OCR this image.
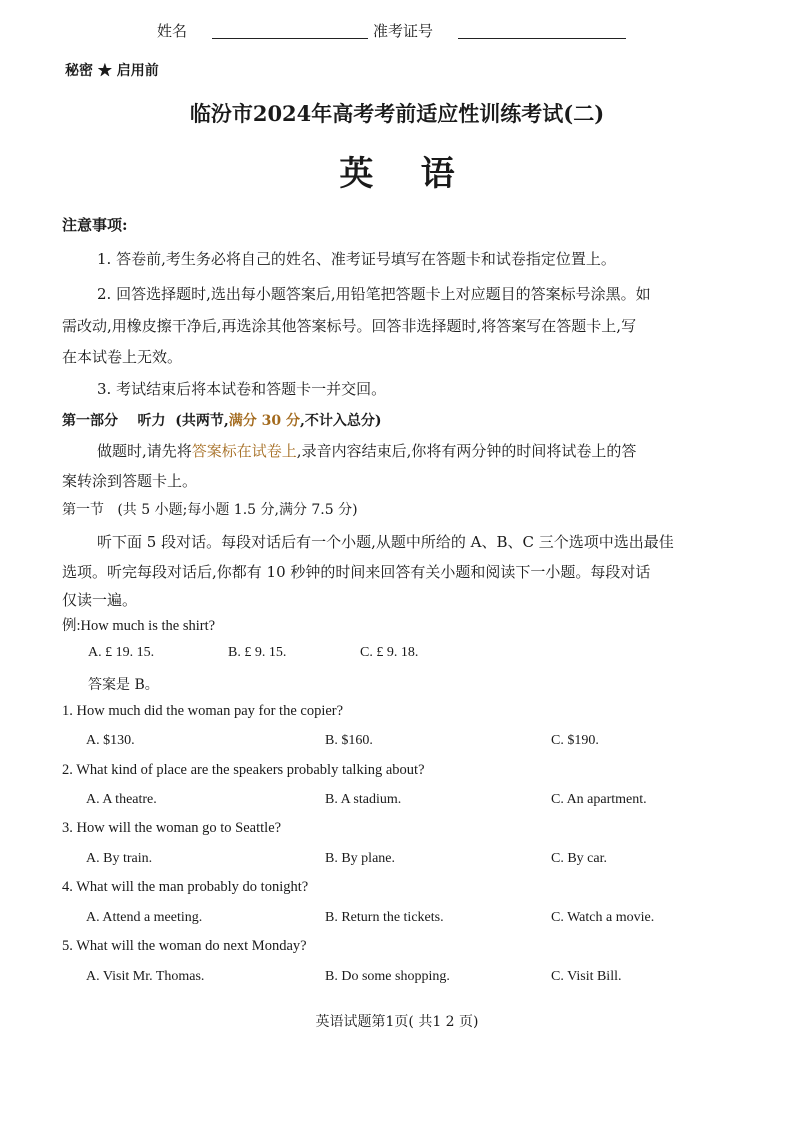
姓名	准考证号
秘密 ★ 启用前
临汾市2024年高考考前适应性训练考试(二)
英    语
注意事项:
1. 答卷前,考生务必将自己的姓名、准考证号填写在答题卡和试卷指定位置上。
2. 回答选择题时,选出每小题答案后,用铅笔把答题卡上对应题目的答案标号涂黑。如
需改动,用橡皮擦干净后,再选涂其他答案标号。回答非选择题时,将答案写在答题卡上,写
在本试卷上无效。
3. 考试结束后将本试卷和答题卡一并交回。
第一部分    听力  (共两节,满分 30 分,不计入总分)
做题时,请先将答案标在试卷上,录音内容结束后,你将有两分钟的时间将试卷上的答
案转涂到答题卡上。
第一节   (共 5 小题;每小题 1.5 分,满分 7.5 分)
听下面 5 段对话。每段对话后有一个小题,从题中所给的 A、B、C 三个选项中选出最佳
选项。听完每段对话后,你都有 10 秒钟的时间来回答有关小题和阅读下一小题。每段对话
仅读一遍。
例:How much is the shirt?
A. £ 19. 15.	B. £ 9. 15.	C. £ 9. 18.
答案是 B。
1. How much did the woman pay for the copier?
A. $130.	B. $160.	C. $190.
2. What kind of place are the speakers probably talking about?
A. A theatre.	B. A stadium.	C. An apartment.
3. How will the woman go to Seattle?
A. By train.	B. By plane.	C. By car.
4. What will the man probably do tonight?
A. Attend a meeting.	B. Return the tickets.	C. Watch a movie.
5. What will the woman do next Monday?
A. Visit Mr. Thomas.	B. Do some shopping.	C. Visit Bill.
英语试题第1页( 共1 2 页)
